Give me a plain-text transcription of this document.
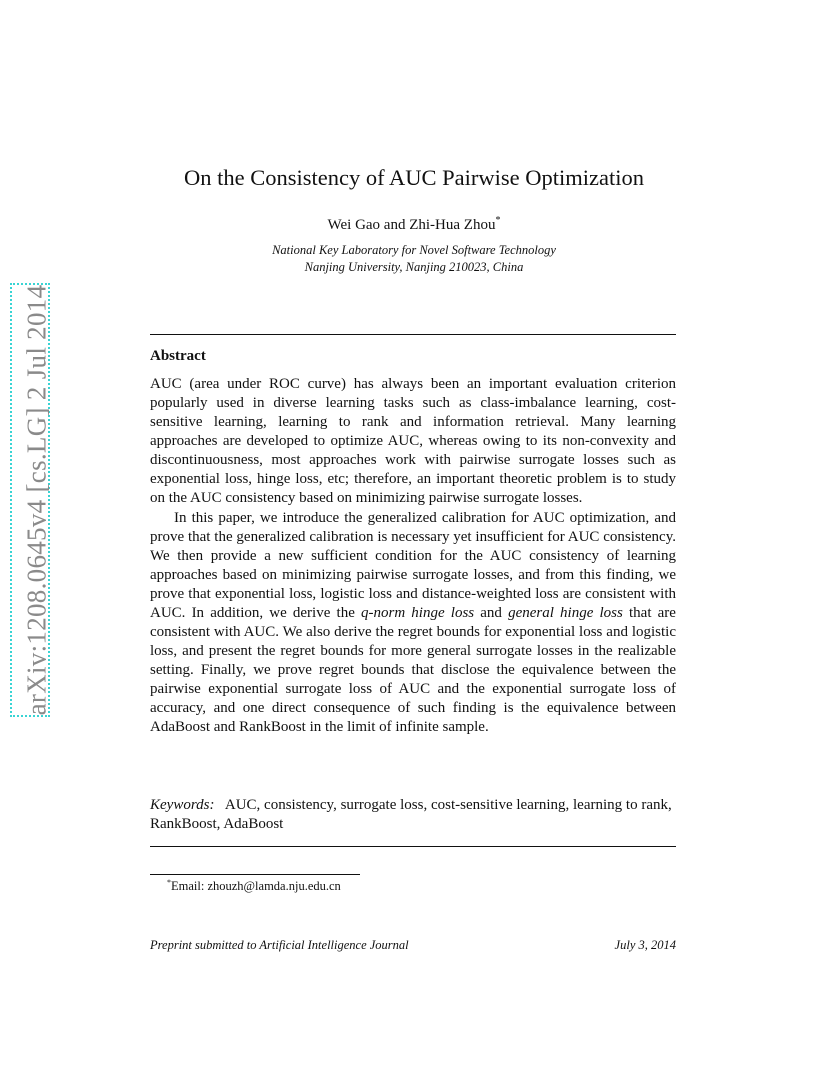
arXiv:1208.0645v4 [cs.LG] 2 Jul 2014
On the Consistency of AUC Pairwise Optimization
Wei Gao and Zhi-Hua Zhou*
National Key Laboratory for Novel Software Technology
Nanjing University, Nanjing 210023, China
Abstract

AUC (area under ROC curve) has always been an important evaluation criterion popularly used in diverse learning tasks such as class-imbalance learning, cost-sensitive learning, learning to rank and information retrieval. Many learning approaches are developed to optimize AUC, whereas owing to its non-convexity and discontinuousness, most approaches work with pairwise surrogate losses such as exponential loss, hinge loss, etc; therefore, an important theoretic problem is to study on the AUC consistency based on minimizing pairwise surrogate losses.

In this paper, we introduce the generalized calibration for AUC optimization, and prove that the generalized calibration is necessary yet insufficient for AUC consistency. We then provide a new sufficient condition for the AUC consistency of learning approaches based on minimizing pairwise surrogate losses, and from this finding, we prove that exponential loss, logistic loss and distance-weighted loss are consistent with AUC. In addition, we derive the q-norm hinge loss and general hinge loss that are consistent with AUC. We also derive the regret bounds for exponential loss and logistic loss, and present the regret bounds for more general surrogate losses in the realizable setting. Finally, we prove regret bounds that disclose the equivalence between the pairwise exponential surrogate loss of AUC and the exponential surrogate loss of accuracy, and one direct consequence of such finding is the equivalence between AdaBoost and RankBoost in the limit of infinite sample.

Keywords: AUC, consistency, surrogate loss, cost-sensitive learning, learning to rank, RankBoost, AdaBoost
*Email: zhouzh@lamda.nju.edu.cn
Preprint submitted to Artificial Intelligence Journal	July 3, 2014
